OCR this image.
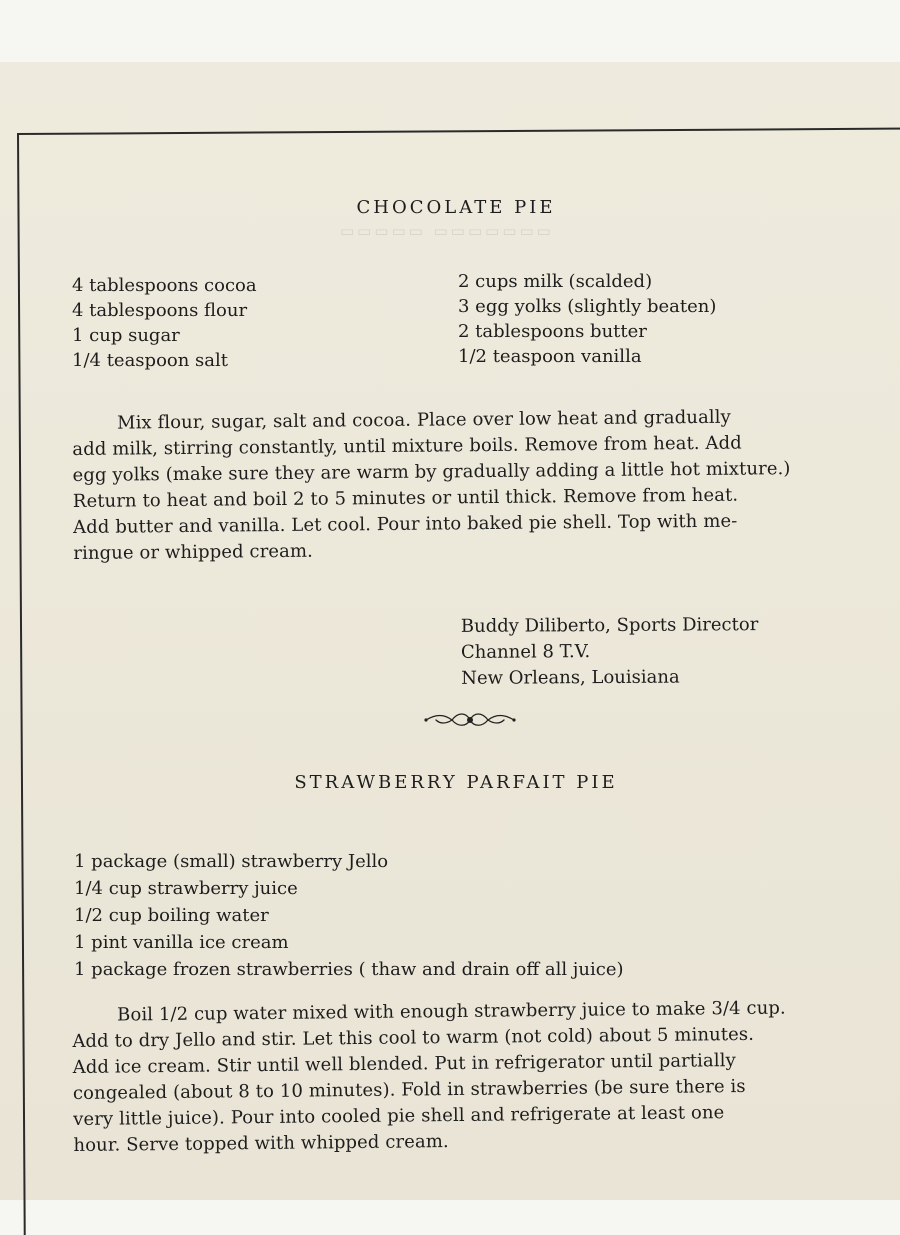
▭▭▭▭▭ ▭▭▭▭▭▭▭
CHOCOLATE PIE
4 tablespoons cocoa
4 tablespoons flour
1 cup sugar
1/4 teaspoon salt
2 cups milk (scalded)
3 egg yolks (slightly beaten)
2 tablespoons butter
1/2 teaspoon vanilla
Mix flour, sugar, salt and cocoa. Place over low heat and gradually
add milk, stirring constantly, until mixture boils. Remove from heat. Add
egg yolks (make sure they are warm by gradually adding a little hot mixture.)
Return to heat and boil 2 to 5 minutes or until thick. Remove from heat.
Add butter and vanilla. Let cool. Pour into baked pie shell. Top with me-
ringue or whipped cream.
Buddy Diliberto, Sports Director
Channel 8 T.V.
New Orleans, Louisiana
STRAWBERRY PARFAIT PIE
1 package (small) strawberry Jello
1/4 cup strawberry juice
1/2 cup boiling water
1 pint vanilla ice cream
1 package frozen strawberries ( thaw and drain off all juice)
Boil 1/2 cup water mixed with enough strawberry juice to make 3/4 cup.
Add to dry Jello and stir. Let this cool to warm (not cold) about 5 minutes.
Add ice cream. Stir until well blended. Put in refrigerator until partially
congealed (about 8 to 10 minutes). Fold in strawberries (be sure there is
very little juice). Pour into cooled pie shell and refrigerate at least one
hour. Serve topped with whipped cream.
